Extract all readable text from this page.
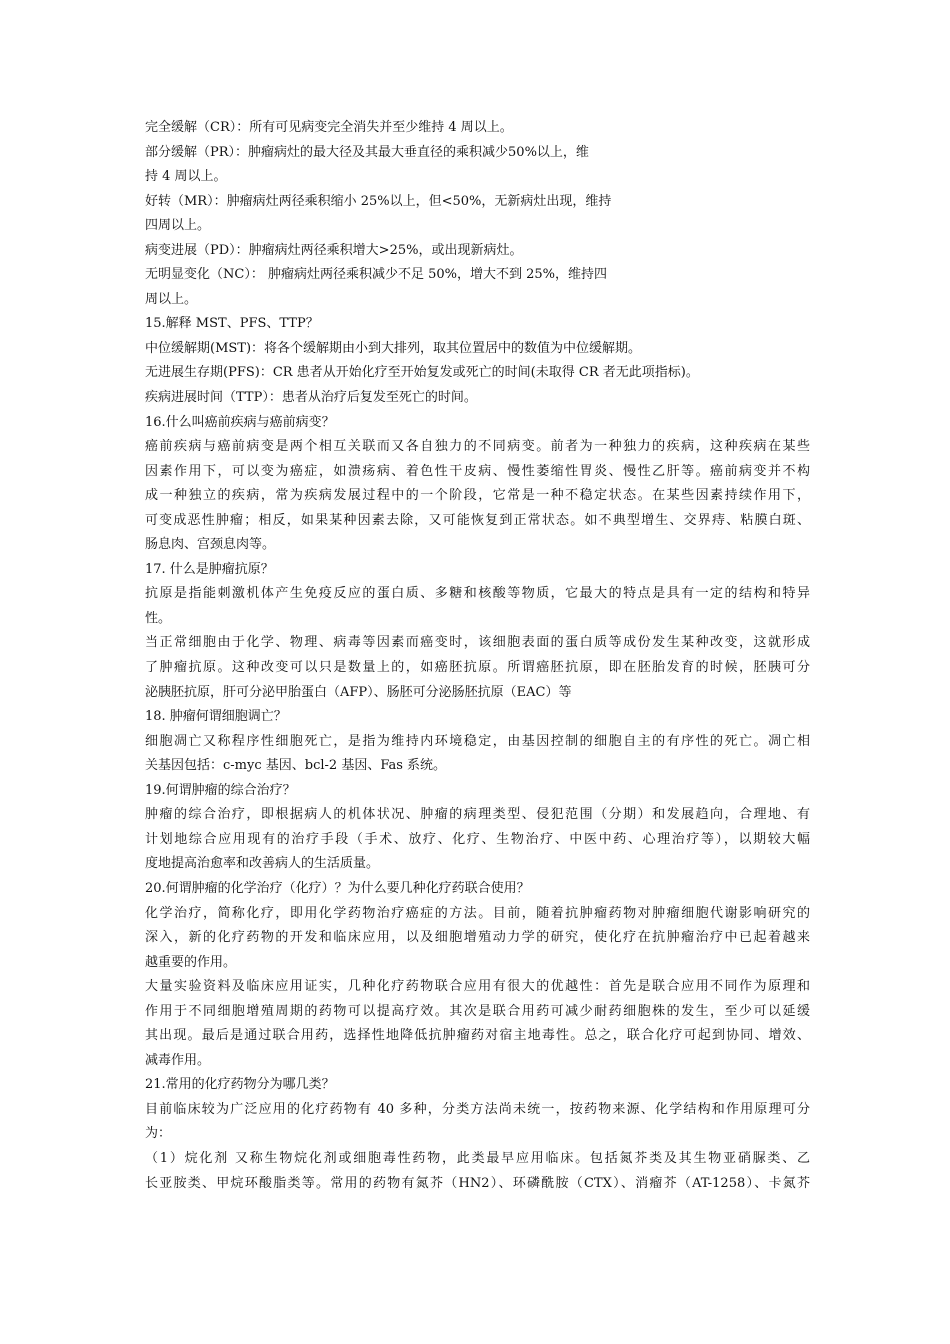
完全缓解（CR）：所有可见病变完全消失并至少维持 4 周以上。
部分缓解（PR）：肿瘤病灶的最大径及其最大垂直径的乘积减少50%以上，维
持 4 周以上。
好转（MR）：肿瘤病灶两径乘积缩小 25%以上，但<50%，无新病灶出现，维持
四周以上。
病变进展（PD）：肿瘤病灶两径乘积增大>25%，或出现新病灶。
无明显变化（NC）： 肿瘤病灶两径乘积减少不足 50%，增大不到 25%，维持四
周以上。
15.解释 MST、PFS、TTP？
中位缓解期(MST)：将各个缓解期由小到大排列，取其位置居中的数值为中位缓解期。
无进展生存期(PFS)：CR 患者从开始化疗至开始复发或死亡的时间(未取得 CR 者无此项指标)。
疾病进展时间（TTP）：患者从治疗后复发至死亡的时间。
16.什么叫癌前疾病与癌前病变？
癌前疾病与癌前病变是两个相互关联而又各自独力的不同病变。前者为一种独力的疾病，这种疾病在某些
因素作用下，可以变为癌症，如溃疡病、着色性干皮病、慢性萎缩性胃炎、慢性乙肝等。癌前病变并不构
成一种独立的疾病，常为疾病发展过程中的一个阶段，它常是一种不稳定状态。在某些因素持续作用下，
可变成恶性肿瘤；相反，如果某种因素去除，又可能恢复到正常状态。如不典型增生、交界痔、粘膜白斑、
肠息肉、宫颈息肉等。
17. 什么是肿瘤抗原？
抗原是指能刺激机体产生免疫反应的蛋白质、多糖和核酸等物质，它最大的特点是具有一定的结构和特异
性。
当正常细胞由于化学、物理、病毒等因素而癌变时，该细胞表面的蛋白质等成份发生某种改变，这就形成
了肿瘤抗原。这种改变可以只是数量上的，如癌胚抗原。所谓癌胚抗原，即在胚胎发育的时候，胚胰可分
泌胰胚抗原，肝可分泌甲胎蛋白（AFP）、肠胚可分泌肠胚抗原（EAC）等
18. 肿瘤何谓细胞调亡？
细胞凋亡又称程序性细胞死亡，是指为维持内环境稳定，由基因控制的细胞自主的有序性的死亡。凋亡相
关基因包括：c-myc 基因、bcl-2 基因、Fas 系统。
19.何谓肿瘤的综合治疗？
肿瘤的综合治疗，即根据病人的机体状况、肿瘤的病理类型、侵犯范围（分期）和发展趋向，合理地、有
计划地综合应用现有的治疗手段（手术、放疗、化疗、生物治疗、中医中药、心理治疗等），以期较大幅
度地提高治愈率和改善病人的生活质量。
20.何谓肿瘤的化学治疗（化疗）？为什么要几种化疗药联合使用？
化学治疗，简称化疗，即用化学药物治疗癌症的方法。目前，随着抗肿瘤药物对肿瘤细胞代谢影响研究的
深入，新的化疗药物的开发和临床应用，以及细胞增殖动力学的研究，使化疗在抗肿瘤治疗中已起着越来
越重要的作用。
大量实验资料及临床应用证实，几种化疗药物联合应用有很大的优越性：首先是联合应用不同作为原理和
作用于不同细胞增殖周期的药物可以提高疗效。其次是联合用药可减少耐药细胞株的发生，至少可以延缓
其出现。最后是通过联合用药，选择性地降低抗肿瘤药对宿主地毒性。总之，联合化疗可起到协同、增效、
减毒作用。
21.常用的化疗药物分为哪几类？
目前临床较为广泛应用的化疗药物有 40 多种，分类方法尚未统一，按药物来源、化学结构和作用原理可分
为：
（1）烷化剂 又称生物烷化剂或细胞毒性药物，此类最早应用临床。包括氮芥类及其生物亚硝脲类、乙
长亚胺类、甲烷环酸脂类等。常用的药物有氮芥（HN2）、环磷酰胺（CTX）、消瘤芥（AT-1258）、卡氮芥
